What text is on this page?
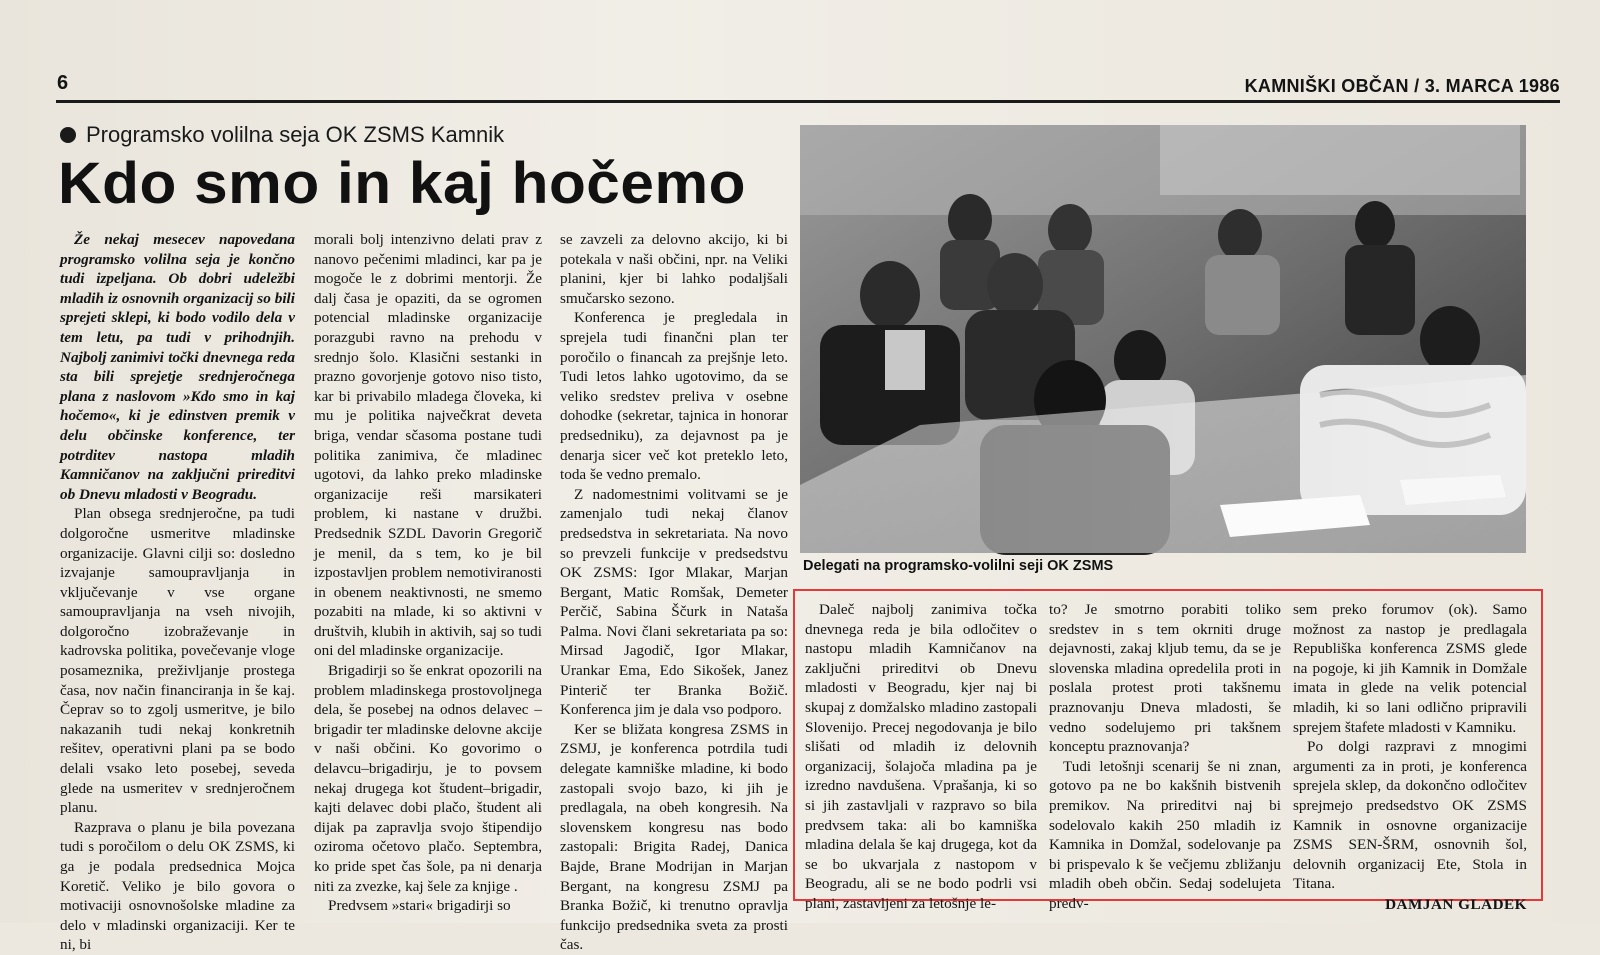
6	KAMNIŠKI OBČAN / 3. MARCA 1986
Programsko volilna seja OK ZSMS Kamnik
Kdo smo in kaj hočemo

Že nekaj mesecev napovedana programsko volilna seja je končno tudi izpeljana. Ob dobri udeležbi mladih iz osnovnih organizacij so bili sprejeti sklepi, ki bodo vodilo dela v tem letu, pa tudi v prihodnjih. Najbolj zanimivi točki dnevnega reda sta bili sprejetje srednjeročnega plana z naslovom »Kdo smo in kaj hočemo«, ki je edinstven premik v delu občinske konference, ter potrditev nastopa mladih Kamničanov na zaključni prireditvi ob Dnevu mladosti v Beogradu.

Plan obsega srednjeročne, pa tudi dolgoročne usmeritve mladinske organizacije. Glavni cilji so: dosledno izvajanje samoupravljanja in vključevanje v vse organe samoupravljanja na vseh nivojih, dolgoročno izobraževanje in kadrovska politika, povečevanje vloge posameznika, preživljanje prostega časa, nov način financiranja in še kaj. Čeprav so to zgolj usmeritve, je bilo nakazanih tudi nekaj konkretnih rešitev, operativni plani pa se bodo delali vsako leto posebej, seveda glede na usmeritev v srednjeročnem planu.

Razprava o planu je bila povezana tudi s poročilom o delu OK ZSMS, ki ga je podala predsednica Mojca Koretič. Veliko je bilo govora o motivaciji osnovnošolske mladine za delo v mladinski organizaciji. Ker te ni, bi

morali bolj intenzivno delati prav z nanovo pečenimi mladinci, kar pa je mogoče le z dobrimi mentorji. Že dalj časa je opaziti, da se ogromen potencial mladinske organizacije porazgubi ravno na prehodu v srednjo šolo. Klasični sestanki in prazno govorjenje gotovo niso tisto, kar bi privabilo mladega človeka, ki mu je politika največkrat deveta briga, vendar sčasoma postane tudi politika zanimiva, če mladinec ugotovi, da lahko preko mladinske organizacije reši marsikateri problem, ki nastane v družbi. Predsednik SZDL Davorin Gregorič je menil, da s tem, ko je bil izpostavljen problem nemotiviranosti in obenem neaktivnosti, ne smemo pozabiti na mlade, ki so aktivni v društvih, klubih in aktivih, saj so tudi oni del mladinske organizacije.

Brigadirji so še enkrat opozorili na problem mladinskega prostovoljnega dela, še posebej na odnos delavec – brigadir ter mladinske delovne akcije v naši občini. Ko govorimo o delavcu–brigadirju, je to povsem nekaj drugega kot študent–brigadir, kajti delavec dobi plačo, študent ali dijak pa zapravlja svojo štipendijo oziroma očetovo plačo. Septembra, ko pride spet čas šole, pa ni denarja niti za zvezke, kaj šele za knjige .

Predvsem »stari« brigadirji so

se zavzeli za delovno akcijo, ki bi potekala v naši občini, npr. na Veliki planini, kjer bi lahko podaljšali smučarsko sezono.

Konferenca je pregledala in sprejela tudi finančni plan ter poročilo o financah za prejšnje leto. Tudi letos lahko ugotovimo, da se veliko sredstev preliva v osebne dohodke (sekretar, tajnica in honorar predsedniku), za dejavnost pa je denarja sicer več kot preteklo leto, toda še vedno premalo.

Z nadomestnimi volitvami se je zamenjalo tudi nekaj članov predsedstva in sekretariata. Na novo so prevzeli funkcije v predsedstvu OK ZSMS: Igor Mlakar, Marjan Bergant, Matic Romšak, Demeter Perčič, Sabina Ščurk in Nataša Palma. Novi člani sekretariata pa so: Mirsad Jagodič, Igor Mlakar, Urankar Ema, Edo Sikošek, Janez Pinterič ter Branka Božič. Konferenca jim je dala vso podporo.

Ker se bližata kongresa ZSMS in ZSMJ, je konferenca potrdila tudi delegate kamniške mladine, ki bodo zastopali svojo bazo, ki jih je predlagala, na obeh kongresih. Na slovenskem kongresu nas bodo zastopali: Brigita Radej, Danica Bajde, Brane Modrijan in Marjan Bergant, na kongresu ZSMJ pa Branka Božič, ki trenutno opravlja funkcijo predsednika sveta za prosti čas.

Delegati na programsko-volilni seji OK ZSMS

Daleč najbolj zanimiva točka dnevnega reda je bila odločitev o nastopu mladih Kamničanov na zaključni prireditvi ob Dnevu mladosti v Beogradu, kjer naj bi skupaj z domžalsko mladino zastopali Slovenijo. Precej negodovanja je bilo slišati od mladih iz delovnih organizacij, šolajoča mladina pa je izredno navdušena. Vprašanja, ki so si jih zastavljali v razpravo so bila predvsem taka: ali bo kamniška mladina delala še kaj drugega, kot da se bo ukvarjala z nastopom v Beogradu, ali se ne bodo podrli vsi plani, zastavljeni za letošnje le-

to? Je smotrno porabiti toliko sredstev in s tem okrniti druge dejavnosti, zakaj kljub temu, da se je slovenska mladina opredelila proti in poslala protest proti takšnemu praznovanju Dneva mladosti, še vedno sodelujemo pri takšnem konceptu praznovanja?

Tudi letošnji scenarij še ni znan, gotovo pa ne bo kakšnih bistvenih premikov. Na prireditvi naj bi sodelovalo kakih 250 mladih iz Kamnika in Domžal, sodelovanje pa bi prispevalo k še večjemu zbližanju mladih obeh občin. Sedaj sodelujeta predv-

sem preko forumov (ok). Samo možnost za nastop je predlagala Republiška konferenca ZSMS glede na pogoje, ki jih Kamnik in Domžale imata in glede na velik potencial mladih, ki so lani odlično pripravili sprejem štafete mladosti v Kamniku.

Po dolgi razpravi z mnogimi argumenti za in proti, je konferenca sprejela sklep, da dokončno odločitev sprejmejo predsedstvo OK ZSMS Kamnik in osnovne organizacije ZSMS SEN-ŠRM, osnovnih šol, delovnih organizacij Ete, Stola in Titana.

DAMJAN GLADEK
